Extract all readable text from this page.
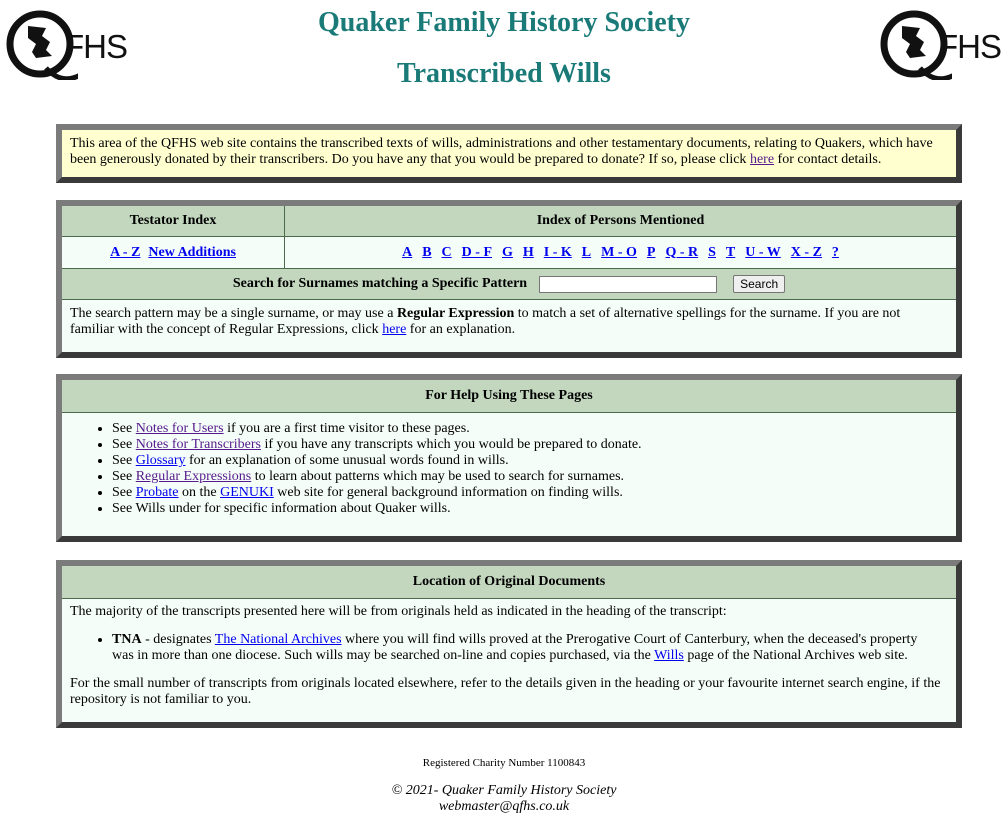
FHS	FHS
Quaker Family History Society
Transcribed Wills

This area of the QFHS web site contains the transcribed texts of wills, administrations and other testamentary documents, relating to Quakers, which have been generously donated by their transcribers. Do you have any that you would be prepared to donate? If so, please click here for contact details.

Testator Index	Index of Persons Mentioned
A - Z New Additions	A B C D - F G H I - K L M - O P Q - R S T U - W X - Z ?
Search for Surnames matching a Specific Pattern	Search
The search pattern may be a single surname, or may use a Regular Expression to match a set of alternative spellings for the surname. If you are not familiar with the concept of Regular Expressions, click here for an explanation.
For Help Using These Pages
• See Notes for Users if you are a first time visitor to these pages.
• See Notes for Transcribers if you have any transcripts which you would be prepared to donate.
• See Glossary for an explanation of some unusual words found in wills.
• See Regular Expressions to learn about patterns which may be used to search for surnames.
• See Probate on the GENUKI web site for general background information on finding wills.
• See Wills under for specific information about Quaker wills.
Location of Original Documents

The majority of the transcripts presented here will be from originals held as indicated in the heading of the transcript:

• TNA - designates The National Archives where you will find wills proved at the Prerogative Court of Canterbury, when the deceased's property was in more than one diocese. Such wills may be searched on-line and copies purchased, via the Wills page of the National Archives web site.

For the small number of transcripts from originals located elsewhere, refer to the details given in the heading or your favourite internet search engine, if the repository is not familiar to you.

Registered Charity Number 1100843
© 2021- Quaker Family History Society
webmaster@qfhs.co.uk
